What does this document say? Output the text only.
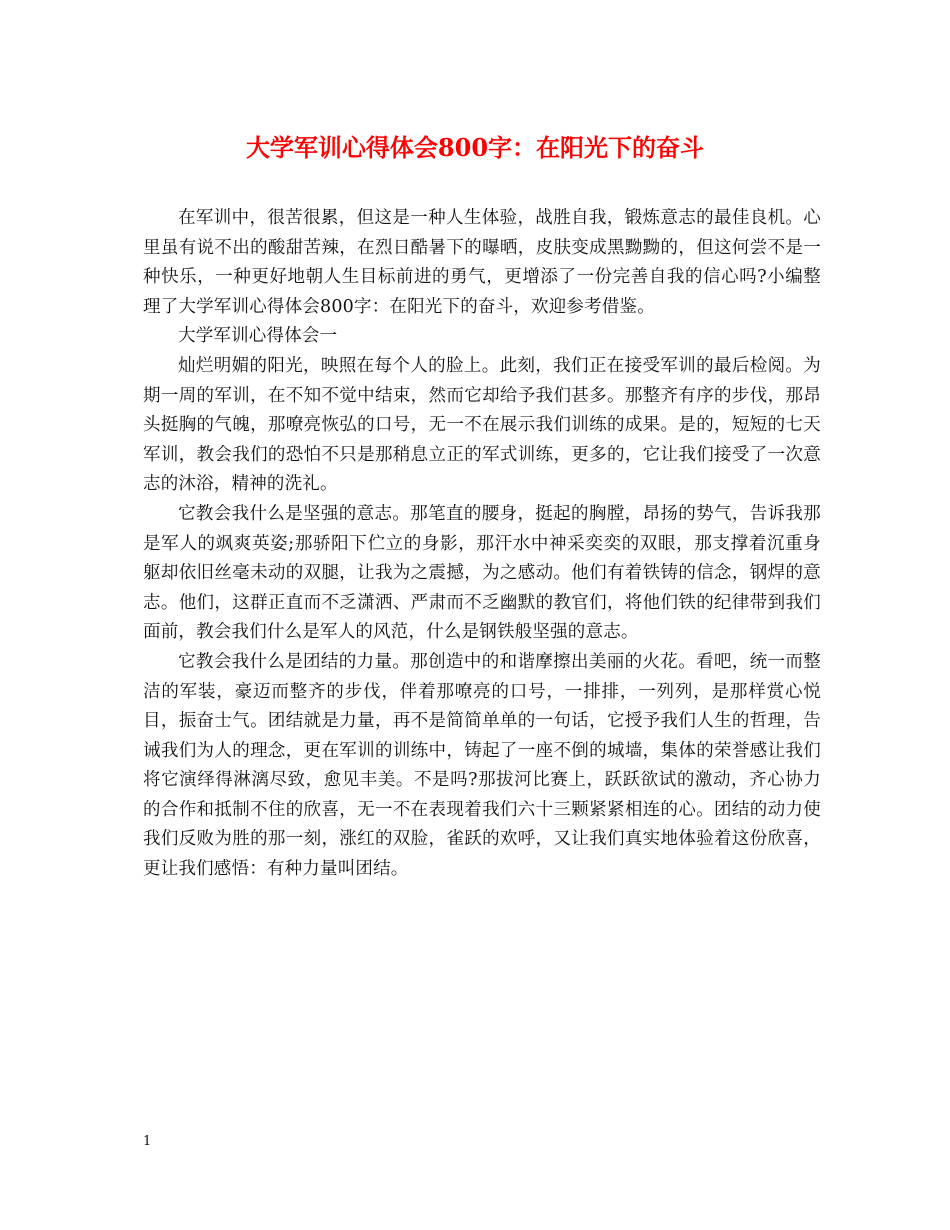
大学军训心得体会800字：在阳光下的奋斗

在军训中，很苦很累，但这是一种人生体验，战胜自我，锻炼意志的最佳良机。心里虽有说不出的酸甜苦辣，在烈日酷暑下的曝晒，皮肤变成黑黝黝的，但这何尝不是一种快乐，一种更好地朝人生目标前进的勇气，更增添了一份完善自我的信心吗?小编整理了大学军训心得体会800字：在阳光下的奋斗，欢迎参考借鉴。

大学军训心得体会一

灿烂明媚的阳光，映照在每个人的脸上。此刻，我们正在接受军训的最后检阅。为期一周的军训，在不知不觉中结束，然而它却给予我们甚多。那整齐有序的步伐，那昂头挺胸的气魄，那嘹亮恢弘的口号，无一不在展示我们训练的成果。是的，短短的七天军训，教会我们的恐怕不只是那稍息立正的军式训练，更多的，它让我们接受了一次意志的沐浴，精神的洗礼。

它教会我什么是坚强的意志。那笔直的腰身，挺起的胸膛，昂扬的势气，告诉我那是军人的飒爽英姿;那骄阳下伫立的身影，那汗水中神采奕奕的双眼，那支撑着沉重身躯却依旧丝毫未动的双腿，让我为之震撼，为之感动。他们有着铁铸的信念，钢焊的意志。他们，这群正直而不乏潇洒、严肃而不乏幽默的教官们，将他们铁的纪律带到我们面前，教会我们什么是军人的风范，什么是钢铁般坚强的意志。

它教会我什么是团结的力量。那创造中的和谐摩擦出美丽的火花。看吧，统一而整洁的军装，豪迈而整齐的步伐，伴着那嘹亮的口号，一排排，一列列，是那样赏心悦目，振奋士气。团结就是力量，再不是简简单单的一句话，它授予我们人生的哲理，告诫我们为人的理念，更在军训的训练中，铸起了一座不倒的城墙，集体的荣誉感让我们将它演绎得淋漓尽致，愈见丰美。不是吗?那拔河比赛上，跃跃欲试的激动，齐心协力的合作和抵制不住的欣喜，无一不在表现着我们六十三颗紧紧相连的心。团结的动力使我们反败为胜的那一刻，涨红的双脸，雀跃的欢呼，又让我们真实地体验着这份欣喜，更让我们感悟：有种力量叫团结。

1
